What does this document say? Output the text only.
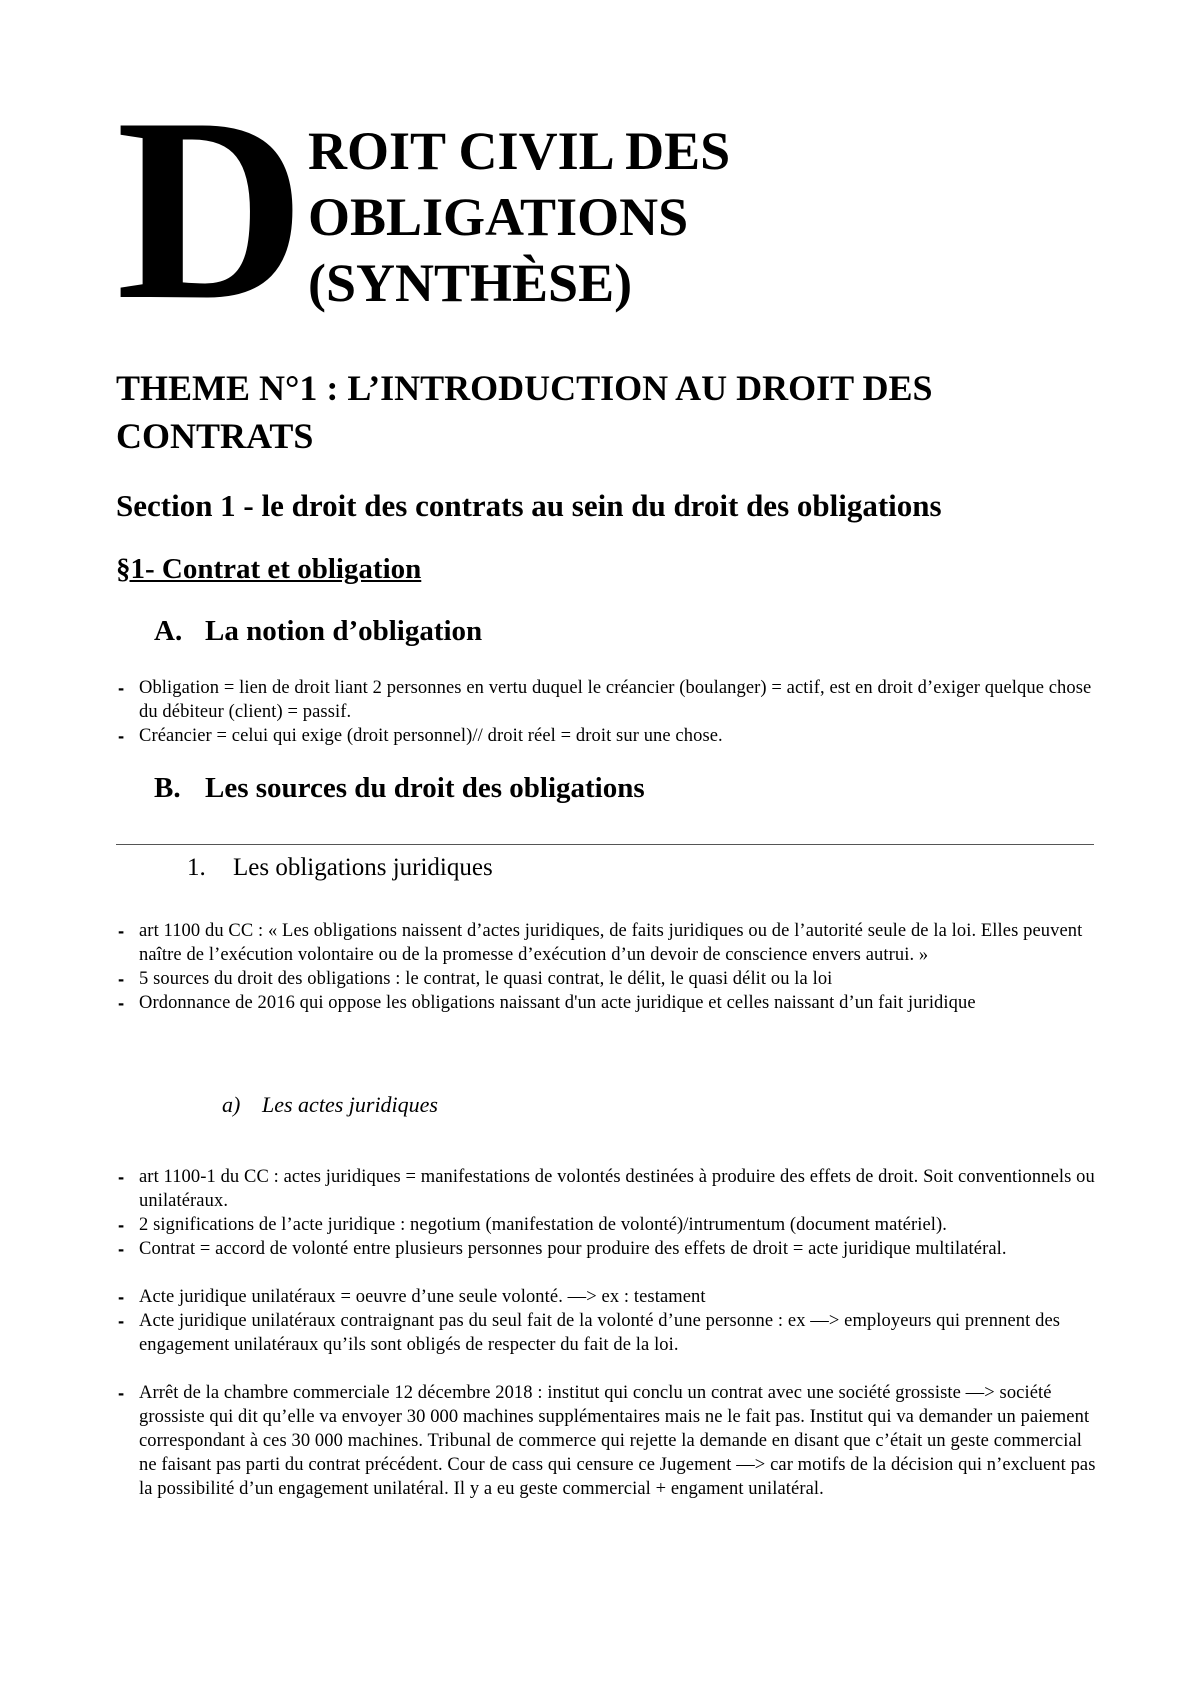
D ROIT CIVIL DES
OBLIGATIONS
(SYNTHÈSE)
THEME N°1 : L’INTRODUCTION AU DROIT DES CONTRATS
Section 1 - le droit des contrats au sein du droit des obligations
§1- Contrat et obligation
A. La notion d’obligation
- Obligation = lien de droit liant 2 personnes en vertu duquel le créancier (boulanger) = actif, est en droit d’exiger quelque chose du débiteur (client) = passif.
- Créancier = celui qui exige (droit personnel)// droit réel = droit sur une chose.
B. Les sources du droit des obligations
1. Les obligations juridiques
- art 1100 du CC : « Les obligations naissent d’actes juridiques, de faits juridiques ou de l’autorité seule de la loi. Elles peuvent naître de l’exécution volontaire ou de la promesse d’exécution d’un devoir de conscience envers autrui. »
- 5 sources du droit des obligations : le contrat, le quasi contrat, le délit, le quasi délit ou la loi
- Ordonnance de 2016 qui oppose les obligations naissant d'un acte juridique et celles naissant d’un fait juridique
a) Les actes juridiques
- art 1100-1 du CC : actes juridiques = manifestations de volontés destinées à produire des effets de droit. Soit conventionnels ou unilatéraux.
- 2 significations de l’acte juridique : negotium (manifestation de volonté)/intrumentum (document matériel).
- Contrat = accord de volonté entre plusieurs personnes pour produire des effets de droit = acte juridique multilatéral.
- Acte juridique unilatéraux = oeuvre d’une seule volonté. —> ex : testament
- Acte juridique unilatéraux contraignant pas du seul fait de la volonté d’une personne : ex —> employeurs qui prennent des engagement unilatéraux qu’ils sont obligés de respecter du fait de la loi.
- Arrêt de la chambre commerciale 12 décembre 2018 : institut qui conclu un contrat avec une société grossiste —> société grossiste qui dit qu’elle va envoyer 30 000 machines supplémentaires mais ne le fait pas. Institut qui va demander un paiement correspondant à ces 30 000 machines. Tribunal de commerce qui rejette la demande en disant que c’était un geste commercial ne faisant pas parti du contrat précédent. Cour de cass qui censure ce Jugement —> car motifs de la décision qui n’excluent pas la possibilité d’un engagement unilatéral. Il y a eu geste commercial + engament unilatéral.
